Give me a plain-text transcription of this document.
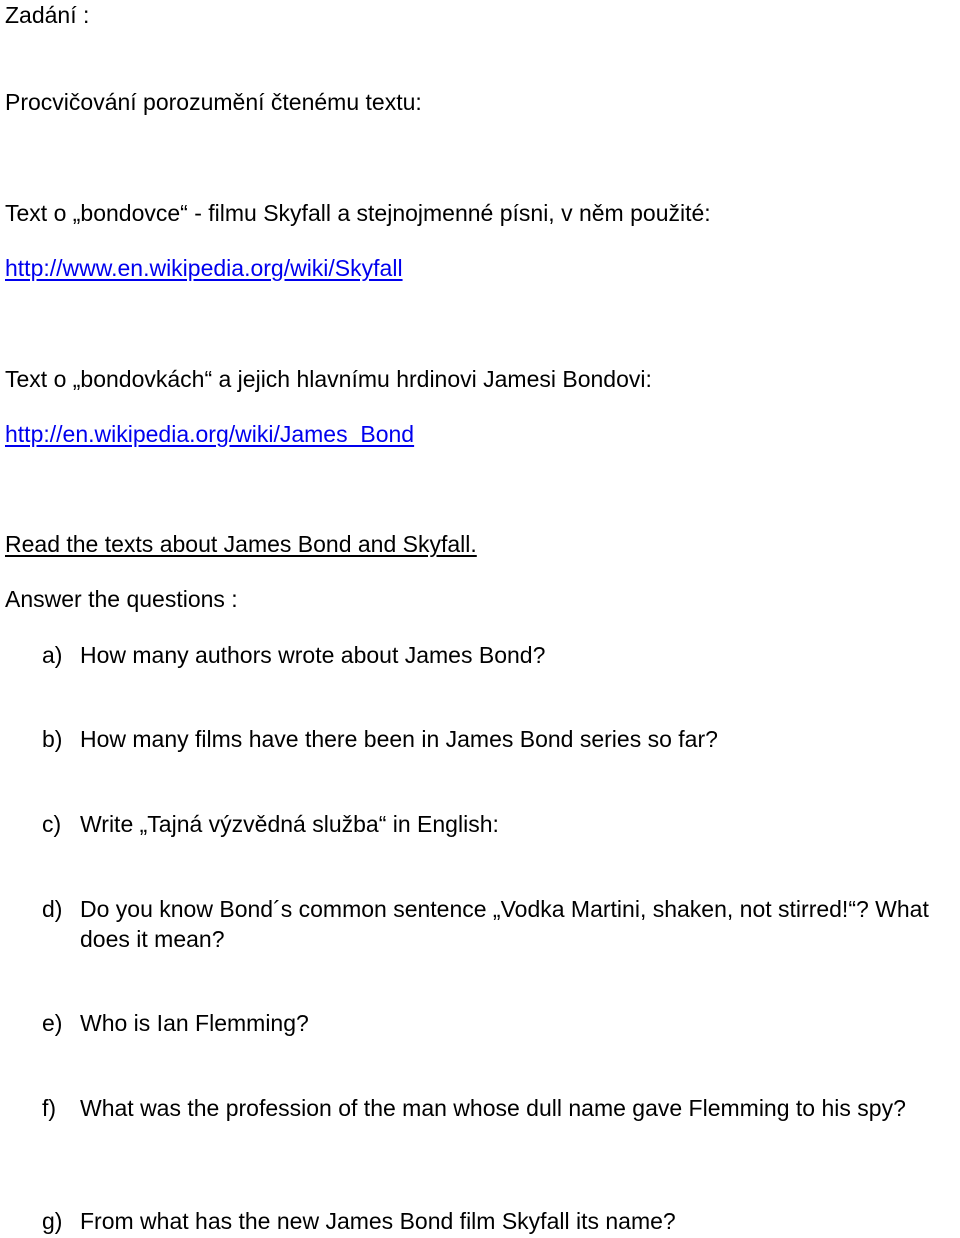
Zadání :
Procvičování porozumění čtenému textu:
Text o „bondovce“ - filmu Skyfall a stejnojmenné písni, v něm použité:
http://www.en.wikipedia.org/wiki/Skyfall
Text o „bondovkách“ a jejich hlavnímu hrdinovi Jamesi Bondovi:
http://en.wikipedia.org/wiki/James_Bond
Read the texts about James Bond and Skyfall.
Answer the questions :
a) How many authors wrote about James Bond?
b) How many films have there been in James Bond series so far?
c) Write „Tajná výzvědná služba“ in English:
d) Do you know Bond´s common sentence „Vodka Martini, shaken, not stirred!“? What does it mean?
e) Who is Ian Flemming?
f) What was the profession of the man whose dull name gave Flemming to his spy?
g) From what has the new James Bond film Skyfall its name?
